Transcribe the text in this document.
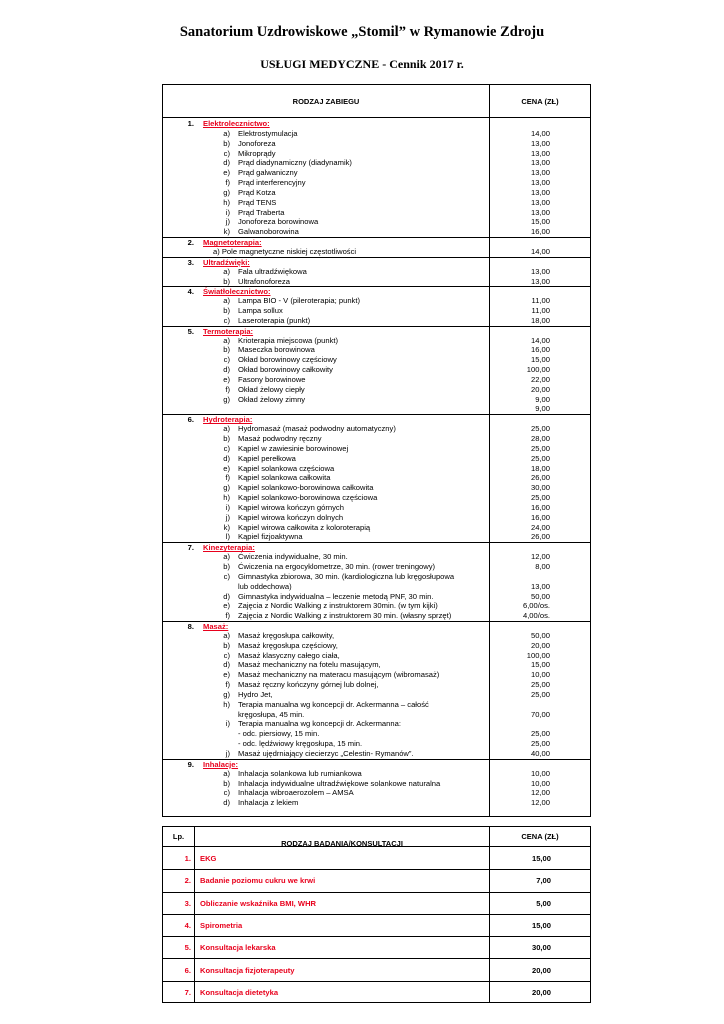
Sanatorium Uzdrowiskowe „Stomil” w Rymanowie Zdroju
USŁUGI MEDYCZNE - Cennik 2017 r.
RODZAJ ZABIEGU	CENA (ZŁ)
1. Elektrolecznictwo:
a) Elektrostymulacja	14,00
b) Jonoforeza	13,00
c) Mikroprądy	13,00
d) Prąd diadynamiczny (diadynamik)	13,00
e) Prąd galwaniczny	13,00
f) Prąd interferencyjny	13,00
g) Prąd Kotza	13,00
h) Prąd TENS	13,00
i) Prąd Traberta	13,00
j) Jonoforeza borowinowa	15,00
k) Galwanoborowina	16,00
2. Magnetoterapia:
a) Pole magnetyczne niskiej częstotliwości	14,00
3. Ultradźwięki:
a) Fala ultradźwiękowa	13,00
b) Ultrafonoforeza	13,00
4. Światłolecznictwo:
a) Lampa BIO - V (pileroterapia; punkt)	11,00
b) Lampa sollux	11,00
c) Laseroterapia (punkt)	18,00
5. Termoterapia:
a) Krioterapia miejscowa (punkt)	14,00
b) Maseczka borowinowa	16,00
c) Okład borowinowy częściowy	15,00
d) Okład borowinowy całkowity	100,00
e) Fasony borowinowe	22,00
f) Okład żelowy ciepły	20,00
g) Okład żelowy zimny	9,00
9,00
6. Hydroterapia:
a) Hydromasaż (masaż podwodny automatyczny)	25,00
b) Masaż podwodny ręczny	28,00
c) Kąpiel w zawiesinie borowinowej	25,00
d) Kąpiel perełkowa	25,00
e) Kąpiel solankowa częściowa	18,00
f) Kąpiel solankowa całkowita	26,00
g) Kąpiel solankowo-borowinowa całkowita	30,00
h) Kąpiel solankowo-borowinowa częściowa	25,00
i) Kąpiel wirowa kończyn górnych	16,00
j) Kąpiel wirowa kończyn dolnych	16,00
k) Kąpiel wirowa całkowita z koloroterapią	24,00
l) Kąpiel fizjoaktywna	26,00
7. Kinezyterapia:
a) Ćwiczenia indywidualne, 30 min.	12,00
b) Ćwiczenia na ergocyklometrze, 30 min. (rower treningowy)	8,00
c) Gimnastyka zbiorowa, 30 min. (kardiologiczna lub kręgosłupowa
lub oddechowa)	13,00
d) Gimnastyka indywidualna – leczenie metodą PNF, 30 min.	50,00
e) Zajęcia z Nordic Walking z instruktorem 30min. (w tym kijki)	6,00/os.
f) Zajęcia z Nordic Walking z instruktorem 30 min. (własny sprzęt)	4,00/os.
8. Masaż:
a) Masaż kręgosłupa całkowity,	50,00
b) Masaż kręgosłupa częściowy,	20,00
c) Masaż klasyczny całego ciała,	100,00
d) Masaż mechaniczny na fotelu masującym,	15,00
e) Masaż mechaniczny na materacu masującym (wibromasaż)	10,00
f) Masaż ręczny kończyny górnej lub dolnej,	25,00
g) Hydro Jet,	25,00
h) Terapia manualna wg koncepcji dr. Ackermanna – całość
kręgosłupa, 45 min.	70,00
i) Terapia manualna wg koncepcji dr. Ackermanna:
- odc. piersiowy, 15 min.	25,00
- odc. lędźwiowy kręgosłupa, 15 min.	25,00
j) Masaż ujędrniający ciecierzyc „Celestin- Rymanów”.	40,00
9. Inhalacje:
a) Inhalacja solankowa lub rumiankowa	10,00
b) Inhalacja indywidualne ultradźwiękowe solankowe naturalna	10,00
c) Inhalacja wibroaerozolem – AMSA	12,00
d) Inhalacja z lekiem	12,00
Lp.
RODZAJ BADANIA/KONSULTACJI
CENA (ZŁ)
1. EKG	15,00
2. Badanie poziomu cukru we krwi	7,00
3. Obliczanie wskaźnika BMI, WHR	5,00
4. Spirometria	15,00
5. Konsultacja lekarska	30,00
6. Konsultacja fizjoterapeuty	20,00
7. Konsultacja dietetyka	20,00
